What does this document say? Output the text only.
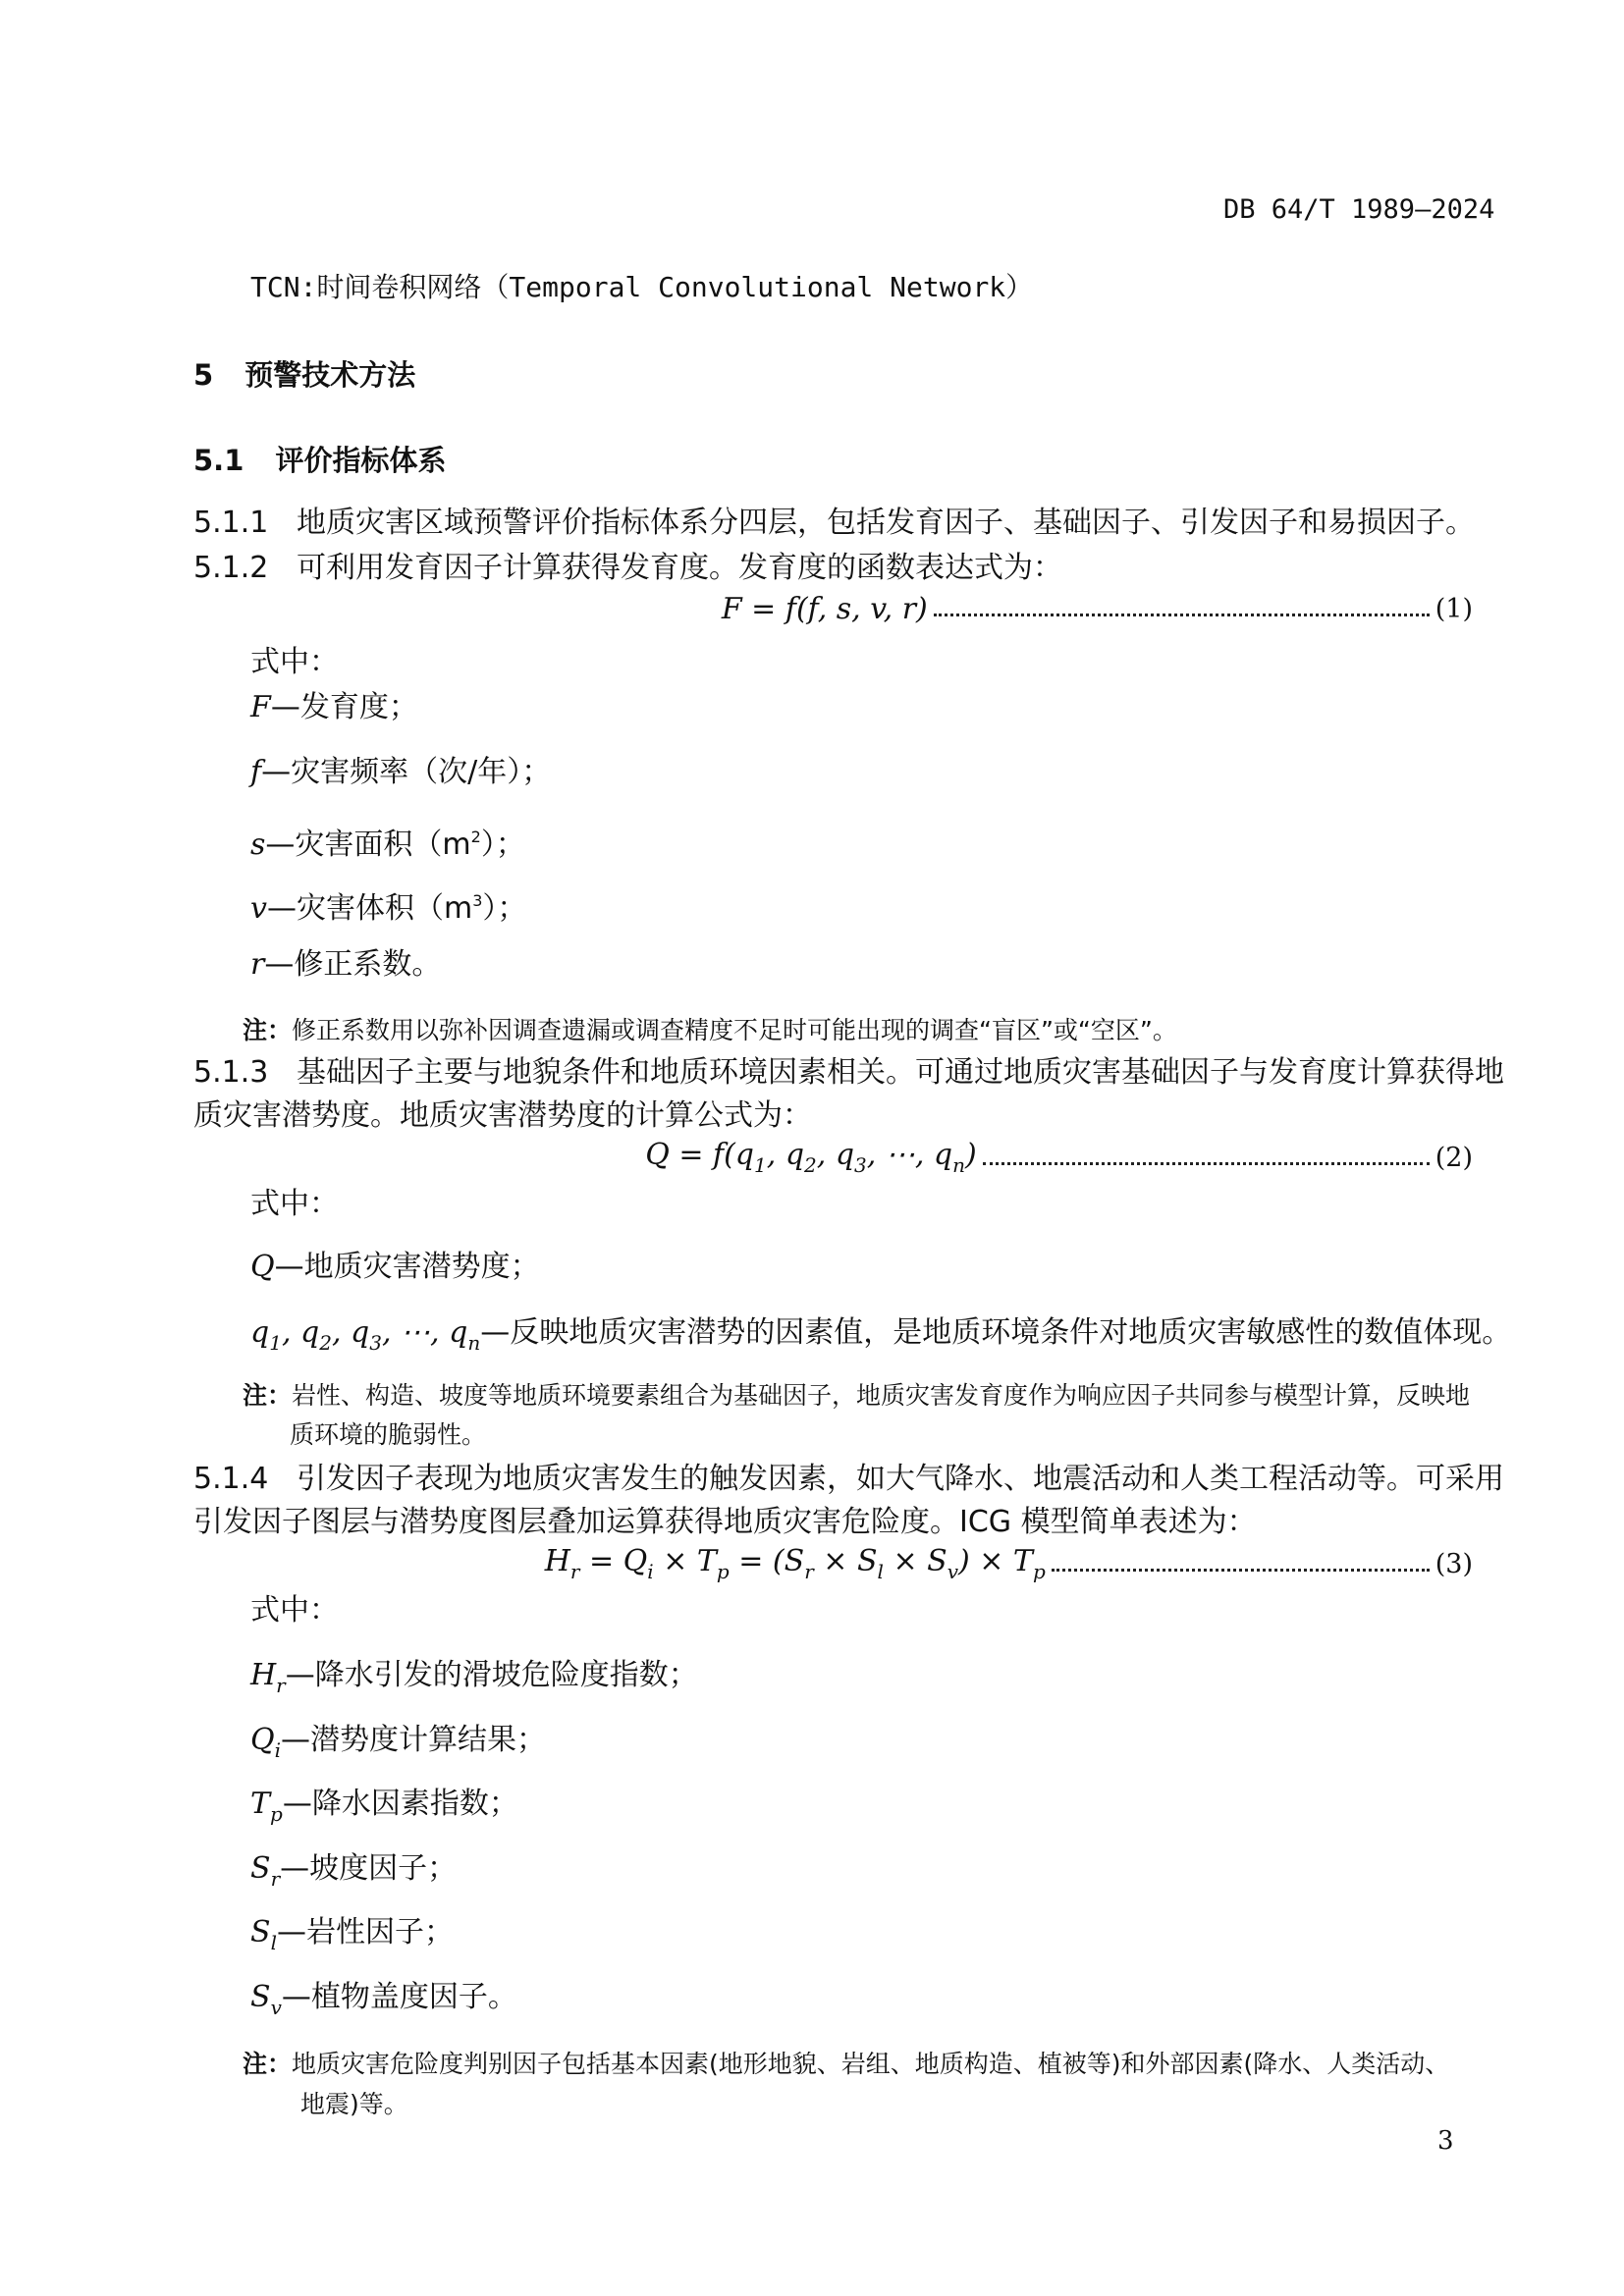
DB 64/T 1989—2024
TCN:时间卷积网络（Temporal Convolutional Network）
5 预警技术方法
5.1 评价指标体系
5.1.1 地质灾害区域预警评价指标体系分四层，包括发育因子、基础因子、引发因子和易损因子。
5.1.2 可利用发育因子计算获得发育度。发育度的函数表达式为：
F = f(f, s, v, r)	(1)
式中：
F—发育度；
f—灾害频率（次/年）；
s—灾害面积$(m^2)$；
v—灾害体积$(m^3)$；
r—修正系数。
注：修正系数用以弥补因调查遗漏或调查精度不足时可能出现的调查“盲区”或“空区”。
5.1.3 基础因子主要与地貌条件和地质环境因素相关。可通过地质灾害基础因子与发育度计算获得地
质灾害潜势度。地质灾害潜势度的计算公式为：
$Q = f(q_1$, $q_2$, $q_3$, ⋯, $q_n$)	(2)
式中：
Q—地质灾害潜势度；
$q_1$, $q_2$, $q_3$, ⋯, $q_n—$反映地质灾害潜势的因素值，是地质环境条件对地质灾害敏感性的数值体现。
注：岩性、构造、坡度等地质环境要素组合为基础因子，地质灾害发育度作为响应因子共同参与模型计算，反映地
质环境的脆弱性。
5.1.4 引发因子表现为地质灾害发生的触发因素，如大气降水、地震活动和人类工程活动等。可采用
引发因子图层与潜势度图层叠加运算获得地质灾害危险度。ICG 模型简单表述为：
$H_r = Q_i \times T_p = (S_r \times S_l \times S_v) \times T_p$	(3)
式中：
$H_r—$降水引发的滑坡危险度指数；
$Q_i—$潜势度计算结果；
$T_p—$降水因素指数；
$S_r—$坡度因子；
$S_l—$岩性因子；
$S_v—$植物盖度因子。
注：地质灾害危险度判别因子包括基本因素(地形地貌、岩组、地质构造、植被等)和外部因素(降水、人类活动、
地震)等。
3
